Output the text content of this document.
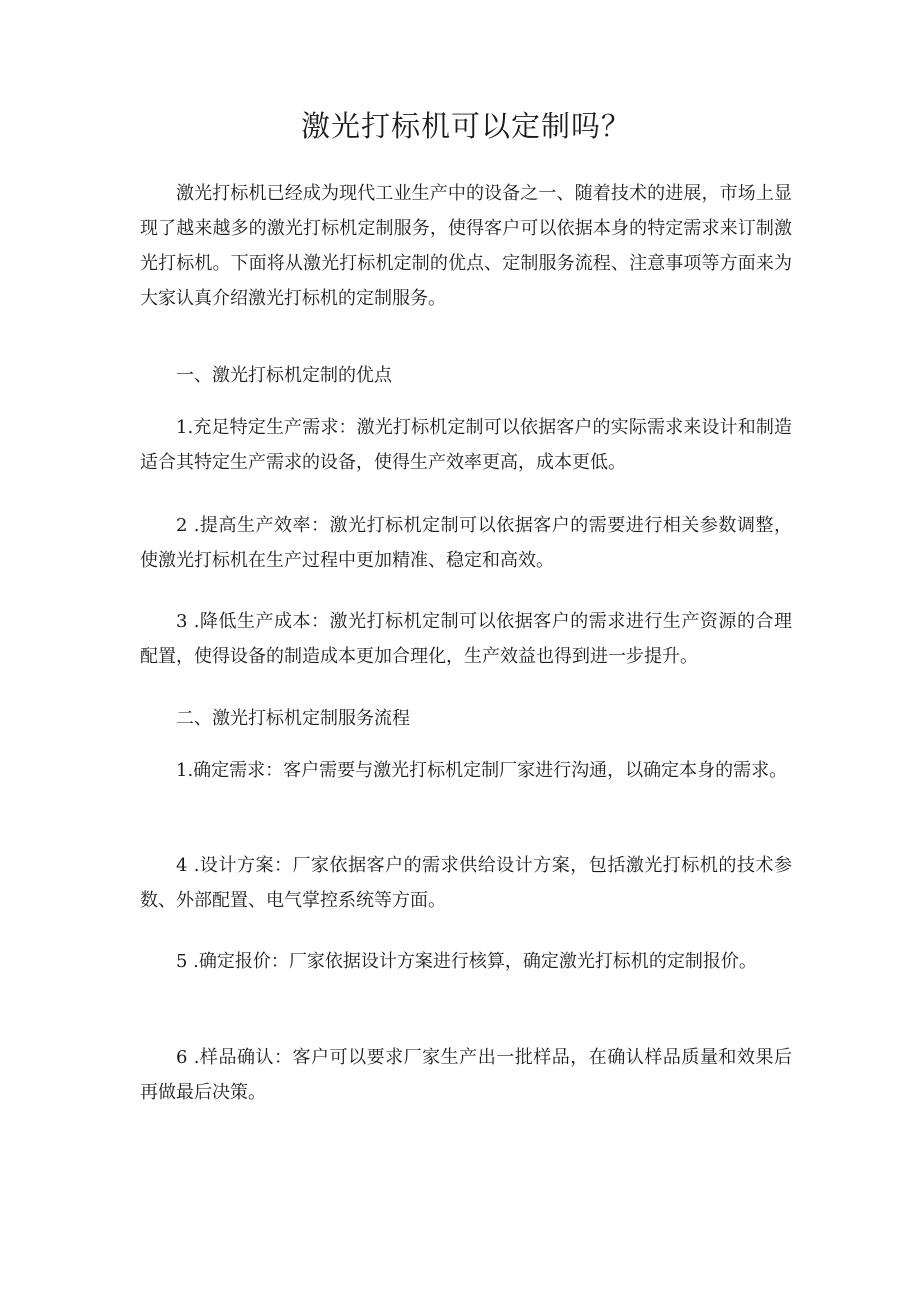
激光打标机可以定制吗？

激光打标机已经成为现代工业生产中的设备之一、随着技术的进展，市场上显现了越来越多的激光打标机定制服务，使得客户可以依据本身的特定需求来订制激光打标机。下面将从激光打标机定制的优点、定制服务流程、注意事项等方面来为大家认真介绍激光打标机的定制服务。

一、激光打标机定制的优点

1.充足特定生产需求：激光打标机定制可以依据客户的实际需求来设计和制造适合其特定生产需求的设备，使得生产效率更高，成本更低。

2 .提高生产效率：激光打标机定制可以依据客户的需要进行相关参数调整，使激光打标机在生产过程中更加精准、稳定和高效。

3 .降低生产成本：激光打标机定制可以依据客户的需求进行生产资源的合理配置，使得设备的制造成本更加合理化，生产效益也得到进一步提升。

二、激光打标机定制服务流程

1.确定需求：客户需要与激光打标机定制厂家进行沟通，以确定本身的需求。

4 .设计方案：厂家依据客户的需求供给设计方案，包括激光打标机的技术参数、外部配置、电气掌控系统等方面。

5 .确定报价：厂家依据设计方案进行核算，确定激光打标机的定制报价。

6 .样品确认：客户可以要求厂家生产出一批样品，在确认样品质量和效果后再做最后决策。
